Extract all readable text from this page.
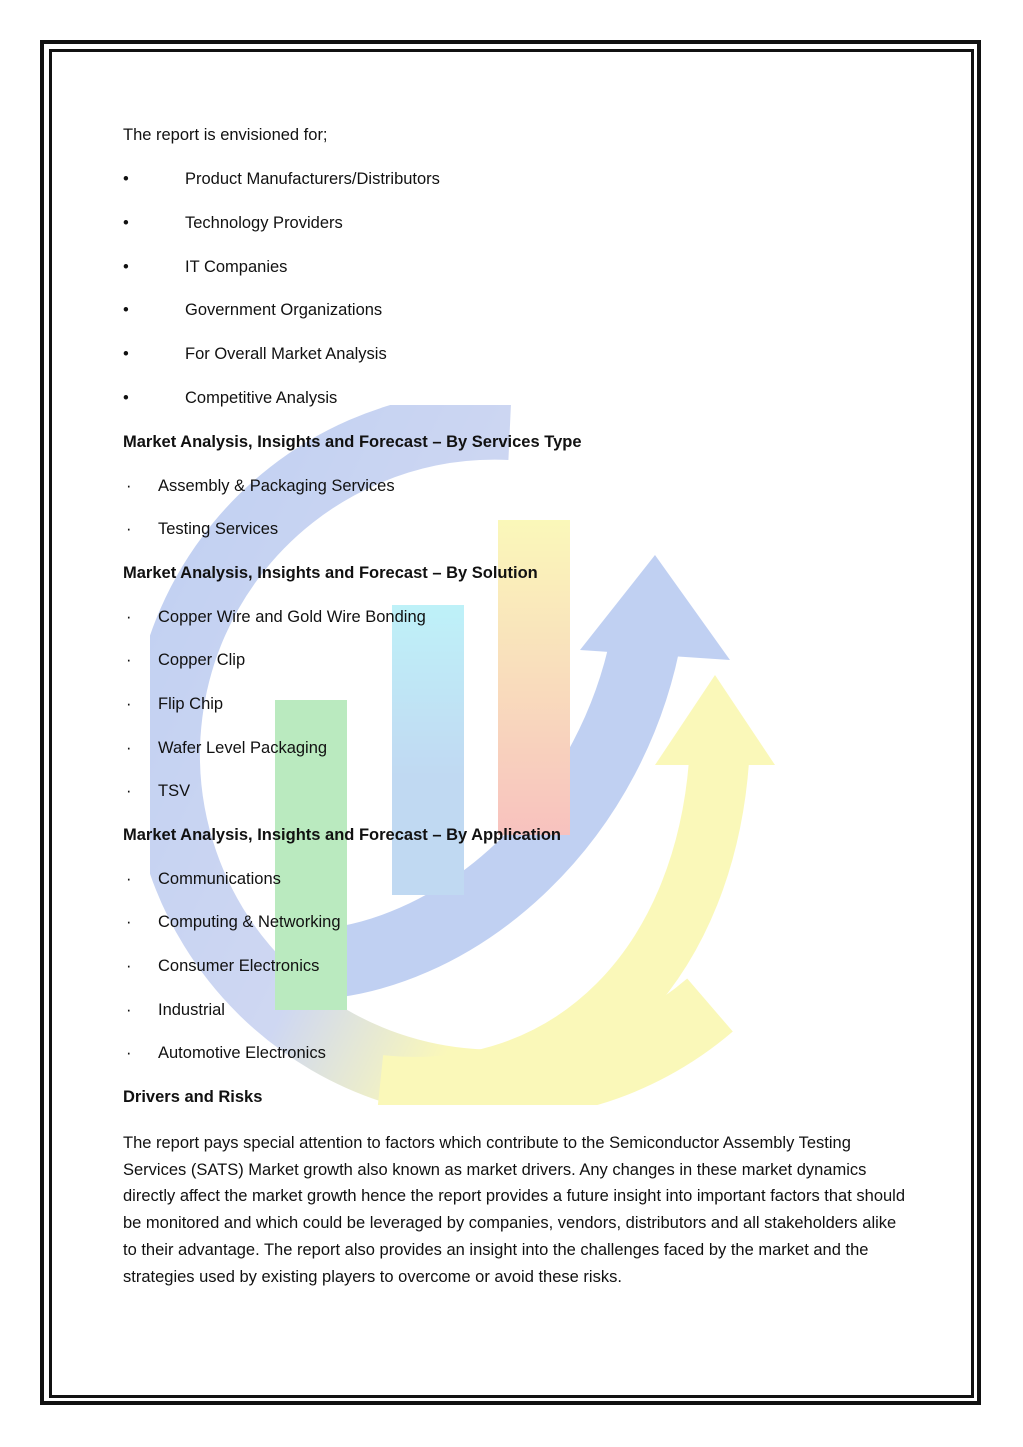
The report is envisioned for;
•	Product Manufacturers/Distributors
•	Technology Providers
•	IT Companies
•	Government Organizations
•	For Overall Market Analysis
•	Competitive Analysis
Market Analysis, Insights and Forecast – By Services Type
· Assembly & Packaging Services
· Testing Services
Market Analysis, Insights and Forecast – By Solution
· Copper Wire and Gold Wire Bonding
· Copper Clip
· Flip Chip
· Wafer Level Packaging
· TSV
Market Analysis, Insights and Forecast – By Application
· Communications
· Computing & Networking
· Consumer Electronics
· Industrial
· Automotive Electronics
Drivers and Risks
The report pays special attention to factors which contribute to the Semiconductor Assembly Testing Services (SATS) Market growth also known as market drivers. Any changes in these market dynamics directly affect the market growth hence the report provides a future insight into important factors that should be monitored and which could be leveraged by companies, vendors, distributors and all stakeholders alike to their advantage. The report also provides an insight into the challenges faced by the market and the strategies used by existing players to overcome or avoid these risks.
